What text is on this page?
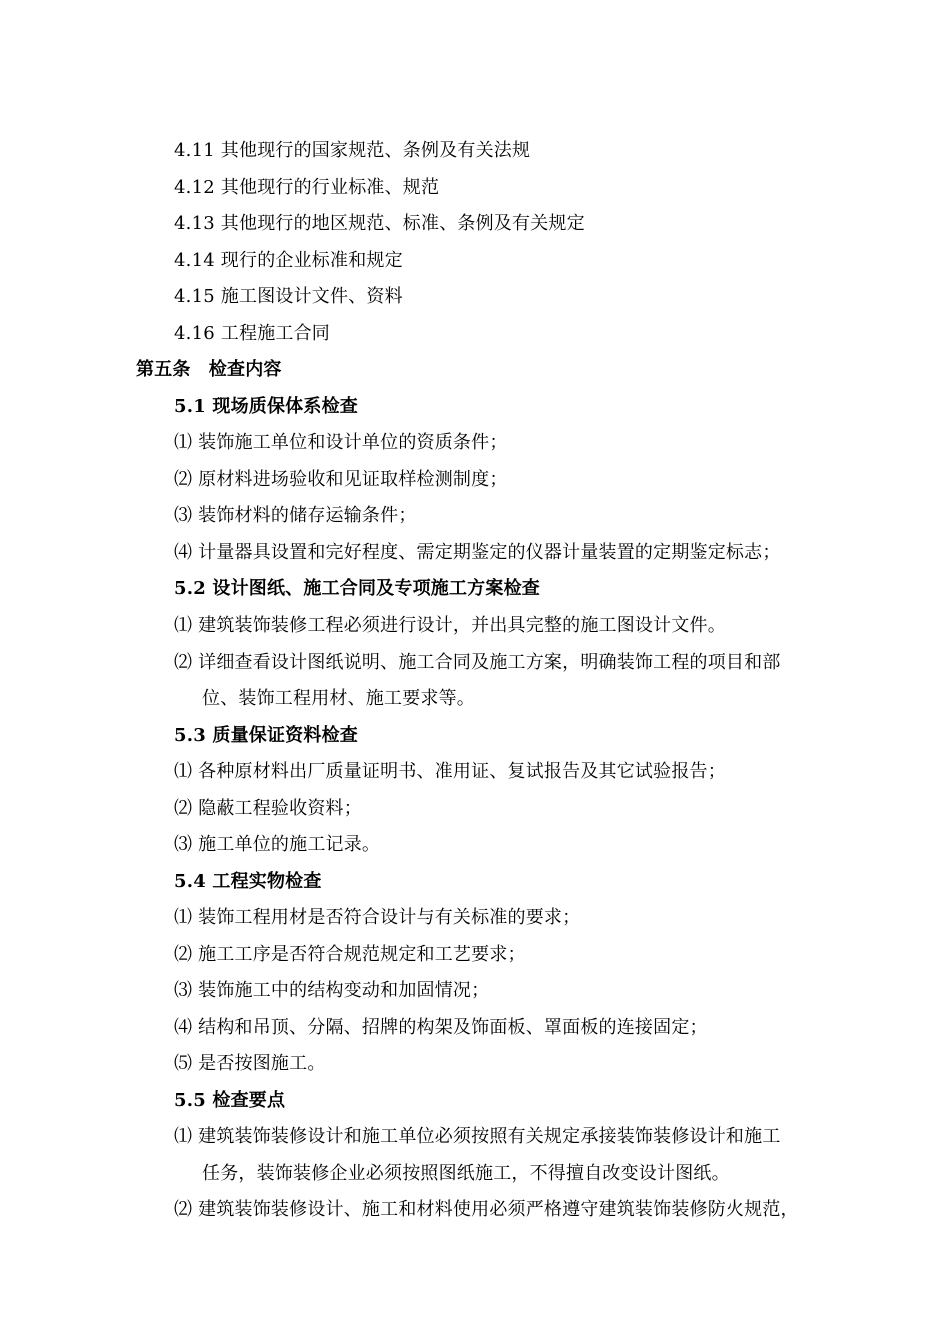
4.11 其他现行的国家规范、条例及有关法规
4.12 其他现行的行业标准、规范
4.13 其他现行的地区规范、标准、条例及有关规定
4.14 现行的企业标准和规定
4.15 施工图设计文件、资料
4.16 工程施工合同
第五条　检查内容
5.1 现场质保体系检查
⑴ 装饰施工单位和设计单位的资质条件；
⑵ 原材料进场验收和见证取样检测制度；
⑶ 装饰材料的储存运输条件；
⑷ 计量器具设置和完好程度、需定期鉴定的仪器计量装置的定期鉴定标志；
5.2 设计图纸、施工合同及专项施工方案检查
⑴ 建筑装饰装修工程必须进行设计，并出具完整的施工图设计文件。
⑵ 详细查看设计图纸说明、施工合同及施工方案，明确装饰工程的项目和部
位、装饰工程用材、施工要求等。
5.3 质量保证资料检查
⑴ 各种原材料出厂质量证明书、准用证、复试报告及其它试验报告；
⑵ 隐蔽工程验收资料；
⑶ 施工单位的施工记录。
5.4 工程实物检查
⑴ 装饰工程用材是否符合设计与有关标准的要求；
⑵ 施工工序是否符合规范规定和工艺要求；
⑶ 装饰施工中的结构变动和加固情况；
⑷ 结构和吊顶、分隔、招牌的构架及饰面板、罩面板的连接固定；
⑸ 是否按图施工。
5.5 检查要点
⑴ 建筑装饰装修设计和施工单位必须按照有关规定承接装饰装修设计和施工
任务，装饰装修企业必须按照图纸施工，不得擅自改变设计图纸。
⑵ 建筑装饰装修设计、施工和材料使用必须严格遵守建筑装饰装修防火规范，
